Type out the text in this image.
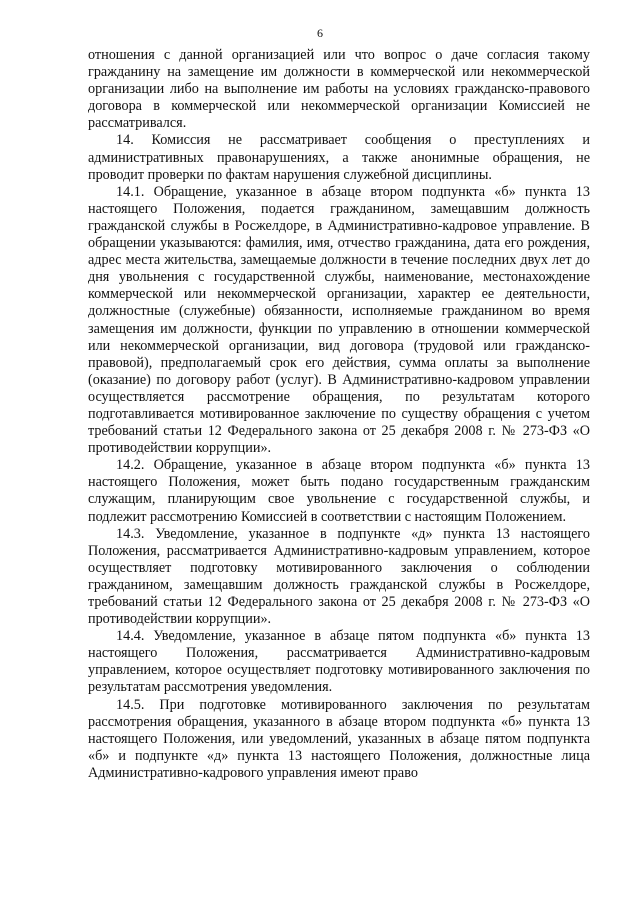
6

отношения с данной организацией или что вопрос о даче согласия такому гражданину на замещение им должности в коммерческой или некоммерческой организации либо на выполнение им работы на условиях гражданско-правового договора в коммерческой или некоммерческой организации Комиссией не рассматривался.

14. Комиссия не рассматривает сообщения о преступлениях и административных правонарушениях, а также анонимные обращения, не проводит проверки по фактам нарушения служебной дисциплины.

14.1. Обращение, указанное в абзаце втором подпункта «б» пункта 13 настоящего Положения, подается гражданином, замещавшим должность гражданской службы в Росжелдоре, в Административно-кадровое управление. В обращении указываются: фамилия, имя, отчество гражданина, дата его рождения, адрес места жительства, замещаемые должности в течение последних двух лет до дня увольнения с государственной службы, наименование, местонахождение коммерческой или некоммерческой организации, характер ее деятельности, должностные (служебные) обязанности, исполняемые гражданином во время замещения им должности, функции по управлению в отношении коммерческой или некоммерческой организации, вид договора (трудовой или гражданско-правовой), предполагаемый срок его действия, сумма оплаты за выполнение (оказание) по договору работ (услуг). В Административно-кадровом управлении осуществляется рассмотрение обращения, по результатам которого подготавливается мотивированное заключение по существу обращения с учетом требований статьи 12 Федерального закона от 25 декабря 2008 г. № 273-ФЗ «О противодействии коррупции».

14.2. Обращение, указанное в абзаце втором подпункта «б» пункта 13 настоящего Положения, может быть подано государственным гражданским служащим, планирующим свое увольнение с государственной службы, и подлежит рассмотрению Комиссией в соответствии с настоящим Положением.

14.3. Уведомление, указанное в подпункте «д» пункта 13 настоящего Положения, рассматривается Административно-кадровым управлением, которое осуществляет подготовку мотивированного заключения о соблюдении гражданином, замещавшим должность гражданской службы в Росжелдоре, требований статьи 12 Федерального закона от 25 декабря 2008 г. № 273-ФЗ «О противодействии коррупции».

14.4. Уведомление, указанное в абзаце пятом подпункта «б» пункта 13 настоящего Положения, рассматривается Административно-кадровым управлением, которое осуществляет подготовку мотивированного заключения по результатам рассмотрения уведомления.

14.5. При подготовке мотивированного заключения по результатам рассмотрения обращения, указанного в абзаце втором подпункта «б» пункта 13 настоящего Положения, или уведомлений, указанных в абзаце пятом подпункта «б» и подпункте «д» пункта 13 настоящего Положения, должностные лица Административно-кадрового управления имеют право
